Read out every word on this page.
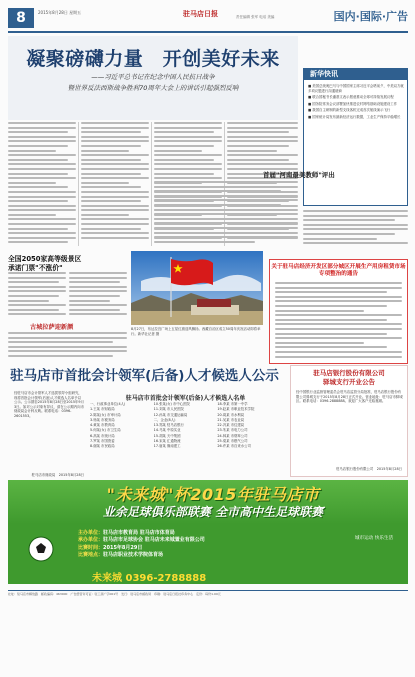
8	2015年8月28日 星期五	驻马店日报	责任编辑 张军 电话 美编	国内·国际·广告
凝聚磅礴力量　开创美好未来
——习近平总书记在纪念中国人民抗日战争
暨世界反法西斯战争胜利70周年大会上的讲话引起强烈反响
新华快讯
■ 美国总统奥巴马与中国国家主席习近平会晤前夕，中美双方就多项议题进行沟通磋商
■ 联合国秘书长潘基文表示愿意推动全球可持续发展议程
■ 国务院常务会议部署加快推进农村网络基础设施建设工作
■ 我国自主研制的新型支线客机完成首次航线演示飞行
■ 国家统计局发布最新经济运行数据，工业生产保持平稳增长
全国2050家高等级景区
承诺门票"不涨价"
古城拉萨迎新颜
首届"河南最美教师"评出
8月27日，布达拉宫广场上五星红旗迎风飘扬。西藏自治区成立50周年庆祝活动即将举行。新华社记者 摄
关于驻马店经济开发区部分城区开展生产用房租赁市场专项整治的通告
驻马店市首批会计领军(后备)人才候选人公示
经驻马店市会计领军人才选拔领导小组研究，现将首批会计领军(后备)人才候选人名单予以公示。公示期自2015年8月28日至2015年9月3日。如对公示对象有异议，请在公示期内向市财政局会计科反映。联系电话：0396-2601553。
驻马店市财政局　2015年8月28日
驻马店市首批会计领军(后备)人才候选人名单
一、行政事业单位(4人)	10.张某(女) 市中心医院	18.李某 市第一中学
1.王某 市财政局	11.刘某 市人民医院	19.赵某 市职业技术学院
2.陈某(女) 市审计局	12.孙某 市交通运输局	20.周某 市水利局
3.杨某 市税务局	二、企业(8人)	21.吴某 市农业局
4.黄某 市教育局	13.郑某 驻马店银行	22.冯某 市住建局
5.何某(女) 市卫生局	14.马某 中原实业	23.朱某 市电力公司
6.高某 市统计局	15.胡某 天中集团	24.林某 市烟草公司
7.罗某 市国资委	16.宋某 汇通物流	25.梁某 市燃气公司
8.谢某 市民政局	17.唐某 豫南建工	26.许某 市自来水公司
驻马店银行股份有限公司
驿城支行开业公告
经中国银行业监督管理委员会驻马店监管分局批准，驻马店银行股份有限公司驿城支行于2015年8月28日正式开业。营业地址：驻马店市驿城区。联系电话：0396-2888888。欢迎广大客户光临惠顾。
驻马店银行股份有限公司　2015年8月28日
"未来城"杯2015年驻马店市
业余足球俱乐部联赛 全市高中生足球联赛
主办单位：驻马店市教育局 驻马店市体育局
承办单位：驻马店市足球协会 驻马店未来城置业有限公司
比赛时间：2015年8月29日
比赛地点：驻马店职业技术学院体育场
未来城 0396-2788888
城市运动 快乐生活
社址：驻马店市解放路　邮政编码：463000　广告经营许可证：驻工商广字001号　发行：驻马店市邮政局　印刷：驻马店日报社印务中心　定价：每份1.00元
